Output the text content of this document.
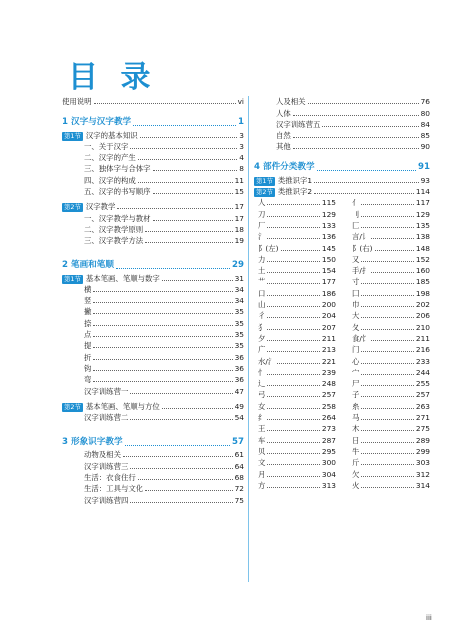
目 录
使用说明	vi
1 汉字与汉字教学	1
第1节 汉字的基本知识	3
一、关于汉字	3
二、汉字的产生	4
三、独体字与合体字	8
四、汉字的构成	11
五、汉字的书写顺序	15
第2节 汉字教学	17
一、汉字教学与教材	17
二、汉字教学原则	18
三、汉字教学方法	19
2 笔画和笔顺	29
第1节 基本笔画、笔顺与数字	31
横	34
竖	34
撇	35
捺	35
点	35
提	35
折	36
钩	36
弯	36
汉字训练营一	47
第2节 基本笔画、笔顺与方位	49
汉字训练营二	54
3 形象识字教学	57
动物及相关	61
汉字训练营三	64
生活：衣食住行	68
生活：工具与文化	72
汉字训练营四	75
人及相关	76
人体	80
汉字训练营五	84
自然	85
其他	90
4 部件分类教学	91
第1节 类推识字1	93
第2节 类推识字2	114
人	115
刀	129
厂	133
氵	136
阝(左)	145
力	150
土	154
艹	177
口	186
山	200
彳	204
犭	207
夕	211
广	213
水/氵	221
忄	239
辶	248
弓	257
女	258
纟	264
王	273
车	287
贝	295
文	300
月	304
方	313
亻	117
刂	129
匚	135
言/讠	138
阝(右)	148
又	152
手/扌	160
寸	185
囗	198
巾	202
大	206
夂	210
食/饣	211
门	216
心	233
宀	244
尸	255
子	257
糸	263
马	271
木	275
日	289
牛	299
斤	303
欠	312
火	314
iii
